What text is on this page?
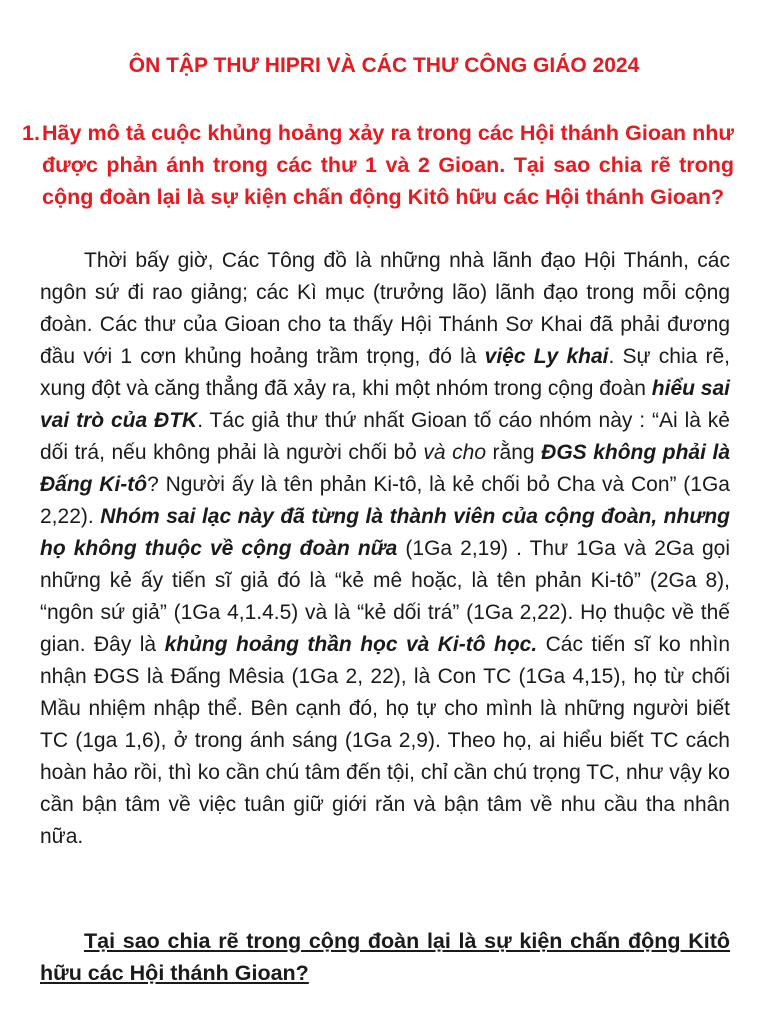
ÔN TẬP THƯ HIPRI VÀ CÁC THƯ CÔNG GIÁO 2024
1. Hãy mô tả cuộc khủng hoảng xảy ra trong các Hội thánh Gioan như được phản ánh trong các thư 1 và 2 Gioan. Tại sao chia rẽ trong cộng đoàn lại là sự kiện chấn động Kitô hữu các Hội thánh Gioan?
Thời bấy giờ, Các Tông đồ là những nhà lãnh đạo Hội Thánh, các ngôn sứ đi rao giảng; các Kì mục (trưởng lão) lãnh đạo trong mỗi cộng đoàn. Các thư của Gioan cho ta thấy Hội Thánh Sơ Khai đã phải đương đầu với 1 cơn khủng hoảng trầm trọng, đó là việc Ly khai. Sự chia rẽ, xung đột và căng thẳng đã xảy ra, khi một nhóm trong cộng đoàn hiểu sai vai trò của ĐTK. Tác giả thư thứ nhất Gioan tố cáo nhóm này : “Ai là kẻ dối trá, nếu không phải là người chối bỏ và cho rằng ĐGS không phải là Đấng Ki-tô? Người ấy là tên phản Ki-tô, là kẻ chối bỏ Cha và Con” (1Ga 2,22). Nhóm sai lạc này đã từng là thành viên của cộng đoàn, nhưng họ không thuộc về cộng đoàn nữa (1Ga 2,19) . Thư 1Ga và 2Ga gọi những kẻ ấy tiến sĩ giả đó là “kẻ mê hoặc, là tên phản Ki-tô” (2Ga 8), “ngôn sứ giả” (1Ga 4,1.4.5) và là “kẻ dối trá” (1Ga 2,22). Họ thuộc về thế gian. Đây là khủng hoảng thần học và Ki-tô học. Các tiến sĩ ko nhìn nhận ĐGS là Đấng Mêsia (1Ga 2, 22), là Con TC (1Ga 4,15), họ từ chối Mầu nhiệm nhập thể. Bên cạnh đó, họ tự cho mình là những người biết TC (1ga 1,6), ở trong ánh sáng (1Ga 2,9). Theo họ, ai hiểu biết TC cách hoàn hảo rồi, thì ko cần chú tâm đến tội, chỉ cần chú trọng TC, như vậy ko cần bận tâm về việc tuân giữ giới răn và bận tâm về nhu cầu tha nhân nữa.
Tại sao chia rẽ trong cộng đoàn lại là sự kiện chấn động Kitô hữu các Hội thánh Gioan?
